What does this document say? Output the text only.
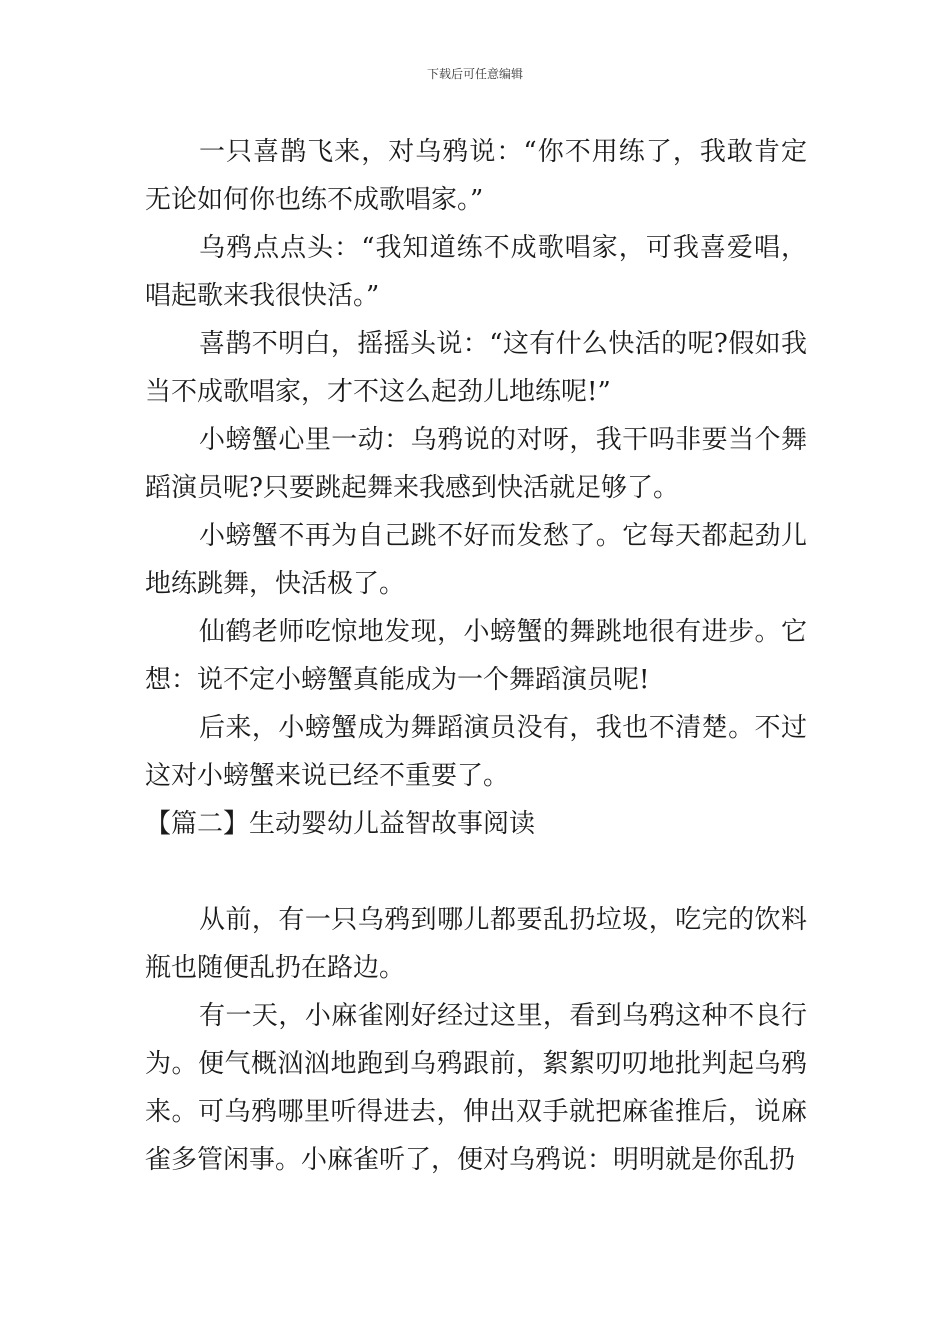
下载后可任意编辑

一只喜鹊飞来，对乌鸦说：“你不用练了，我敢肯定无论如何你也练不成歌唱家。”

乌鸦点点头：“我知道练不成歌唱家，可我喜爱唱，唱起歌来我很快活。”

喜鹊不明白，摇摇头说：“这有什么快活的呢?假如我当不成歌唱家，才不这么起劲儿地练呢!”

小螃蟹心里一动：乌鸦说的对呀，我干吗非要当个舞蹈演员呢?只要跳起舞来我感到快活就足够了。

小螃蟹不再为自己跳不好而发愁了。它每天都起劲儿地练跳舞，快活极了。

仙鹤老师吃惊地发现，小螃蟹的舞跳地很有进步。它想：说不定小螃蟹真能成为一个舞蹈演员呢!

后来，小螃蟹成为舞蹈演员没有，我也不清楚。不过这对小螃蟹来说已经不重要了。

【篇二】生动婴幼儿益智故事阅读

从前，有一只乌鸦到哪儿都要乱扔垃圾，吃完的饮料瓶也随便乱扔在路边。

有一天，小麻雀刚好经过这里，看到乌鸦这种不良行为。便气概汹汹地跑到乌鸦跟前，絮絮叨叨地批判起乌鸦来。可乌鸦哪里听得进去，伸出双手就把麻雀推后，说麻雀多管闲事。小麻雀听了，便对乌鸦说：明明就是你乱扔
